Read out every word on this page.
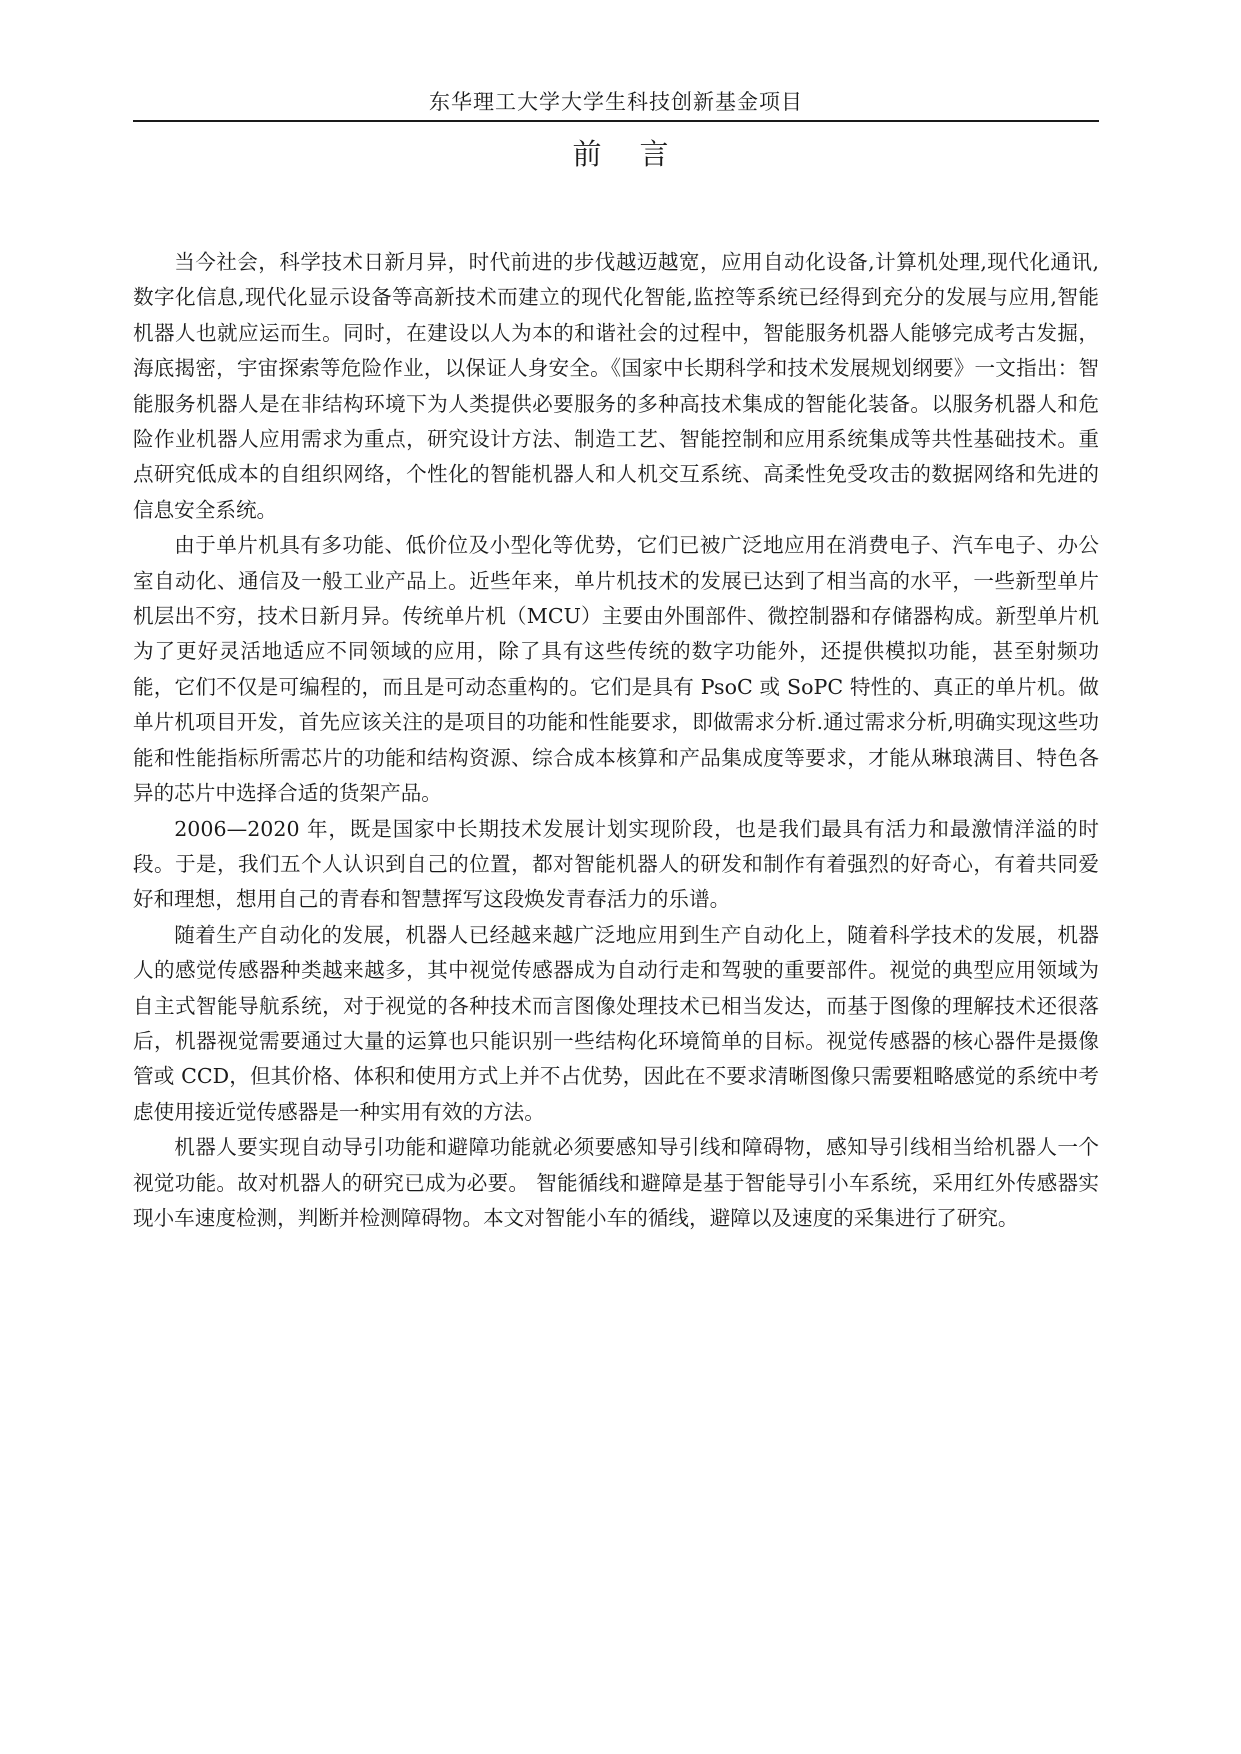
东华理工大学大学生科技创新基金项目
前言

当今社会，科学技术日新月异，时代前进的步伐越迈越宽，应用自动化设备,计算机处理,现代化通讯,数字化信息,现代化显示设备等高新技术而建立的现代化智能,监控等系统已经得到充分的发展与应用,智能机器人也就应运而生。同时，在建设以人为本的和谐社会的过程中，智能服务机器人能够完成考古发掘，海底揭密，宇宙探索等危险作业，以保证人身安全。《国家中长期科学和技术发展规划纲要》一文指出：智能服务机器人是在非结构环境下为人类提供必要服务的多种高技术集成的智能化装备。以服务机器人和危险作业机器人应用需求为重点，研究设计方法、制造工艺、智能控制和应用系统集成等共性基础技术。重点研究低成本的自组织网络，个性化的智能机器人和人机交互系统、高柔性免受攻击的数据网络和先进的信息安全系统。

由于单片机具有多功能、低价位及小型化等优势，它们已被广泛地应用在消费电子、汽车电子、办公室自动化、通信及一般工业产品上。近些年来，单片机技术的发展已达到了相当高的水平，一些新型单片机层出不穷，技术日新月异。传统单片机（MCU）主要由外围部件、微控制器和存储器构成。新型单片机为了更好灵活地适应不同领域的应用，除了具有这些传统的数字功能外，还提供模拟功能，甚至射频功能，它们不仅是可编程的，而且是可动态重构的。它们是具有 PsoC 或 SoPC 特性的、真正的单片机。做单片机项目开发，首先应该关注的是项目的功能和性能要求，即做需求分析.通过需求分析,明确实现这些功能和性能指标所需芯片的功能和结构资源、综合成本核算和产品集成度等要求，才能从琳琅满目、特色各异的芯片中选择合适的货架产品。

2006—2020 年，既是国家中长期技术发展计划实现阶段，也是我们最具有活力和最激情洋溢的时段。于是，我们五个人认识到自己的位置，都对智能机器人的研发和制作有着强烈的好奇心，有着共同爱好和理想，想用自己的青春和智慧挥写这段焕发青春活力的乐谱。

随着生产自动化的发展，机器人已经越来越广泛地应用到生产自动化上，随着科学技术的发展，机器人的感觉传感器种类越来越多，其中视觉传感器成为自动行走和驾驶的重要部件。视觉的典型应用领域为自主式智能导航系统，对于视觉的各种技术而言图像处理技术已相当发达，而基于图像的理解技术还很落后，机器视觉需要通过大量的运算也只能识别一些结构化环境简单的目标。视觉传感器的核心器件是摄像管或 CCD，但其价格、体积和使用方式上并不占优势，因此在不要求清晰图像只需要粗略感觉的系统中考虑使用接近觉传感器是一种实用有效的方法。

机器人要实现自动导引功能和避障功能就必须要感知导引线和障碍物，感知导引线相当给机器人一个视觉功能。故对机器人的研究已成为必要。 智能循线和避障是基于智能导引小车系统，采用红外传感器实现小车速度检测，判断并检测障碍物。本文对智能小车的循线，避障以及速度的采集进行了研究。
